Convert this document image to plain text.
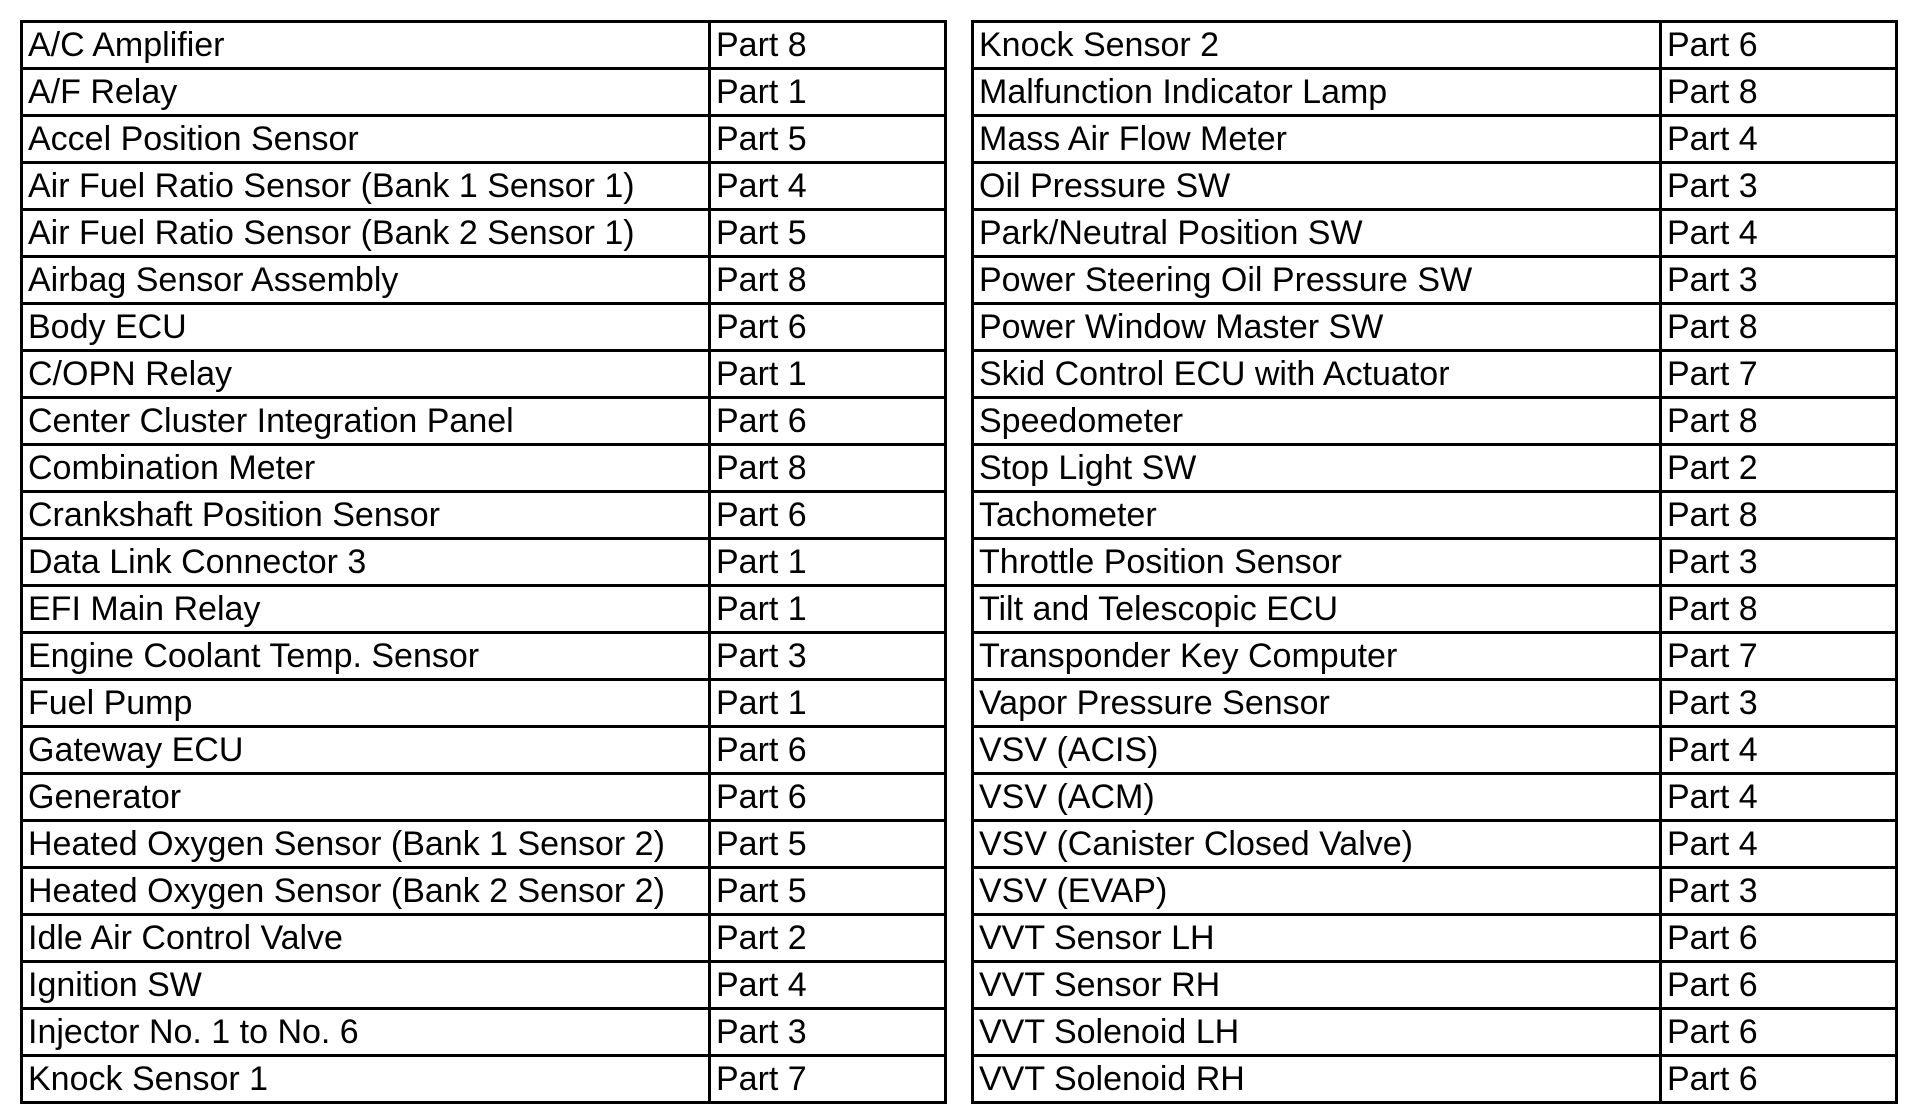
A/C Amplifier	Part 8
A/F Relay	Part 1
Accel Position Sensor	Part 5
Air Fuel Ratio Sensor (Bank 1 Sensor 1)	Part 4
Air Fuel Ratio Sensor (Bank 2 Sensor 1)	Part 5
Airbag Sensor Assembly	Part 8
Body ECU	Part 6
C/OPN Relay	Part 1
Center Cluster Integration Panel	Part 6
Combination Meter	Part 8
Crankshaft Position Sensor	Part 6
Data Link Connector 3	Part 1
EFI Main Relay	Part 1
Engine Coolant Temp. Sensor	Part 3
Fuel Pump	Part 1
Gateway ECU	Part 6
Generator	Part 6
Heated Oxygen Sensor (Bank 1 Sensor 2)	Part 5
Heated Oxygen Sensor (Bank 2 Sensor 2)	Part 5
Idle Air Control Valve	Part 2
Ignition SW	Part 4
Injector No. 1 to No. 6	Part 3
Knock Sensor 1	Part 7
Knock Sensor 2	Part 6
Malfunction Indicator Lamp	Part 8
Mass Air Flow Meter	Part 4
Oil Pressure SW	Part 3
Park/Neutral Position SW	Part 4
Power Steering Oil Pressure SW	Part 3
Power Window Master SW	Part 8
Skid Control ECU with Actuator	Part 7
Speedometer	Part 8
Stop Light SW	Part 2
Tachometer	Part 8
Throttle Position Sensor	Part 3
Tilt and Telescopic ECU	Part 8
Transponder Key Computer	Part 7
Vapor Pressure Sensor	Part 3
VSV (ACIS)	Part 4
VSV (ACM)	Part 4
VSV (Canister Closed Valve)	Part 4
VSV (EVAP)	Part 3
VVT Sensor LH	Part 6
VVT Sensor RH	Part 6
VVT Solenoid LH	Part 6
VVT Solenoid RH	Part 6
